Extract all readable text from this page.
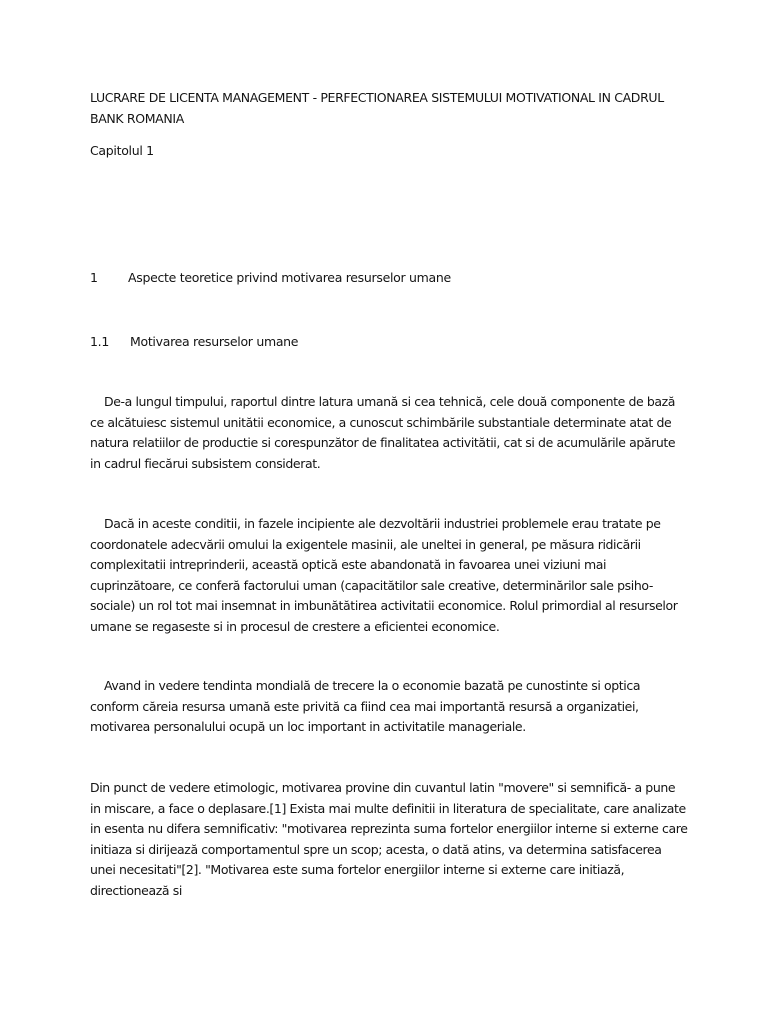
LUCRARE DE LICENTA MANAGEMENT - PERFECTIONAREA SISTEMULUI MOTIVATIONAL IN CADRUL BANK ROMANIA
Capitolul 1
1 Aspecte teoretice privind motivarea resurselor umane
1.1 Motivarea resurselor umane

De-a lungul timpului, raportul dintre latura umană si cea tehnică, cele două componente de bază ce alcătuiesc sistemul unitătii economice, a cunoscut schimbările substantiale determinate atat de natura relatiilor de productie si corespunzător de finalitatea activitătii, cat si de acumulările apărute in cadrul fiecărui subsistem considerat.

Dacă in aceste conditii, in fazele incipiente ale dezvoltării industriei problemele erau tratate pe coordonatele adecvării omului la exigentele masinii, ale uneltei in general, pe măsura ridicării complexitatii intreprinderii, această optică este abandonată in favoarea unei viziuni mai cuprinzătoare, ce conferă factorului uman (capacitătilor sale creative, determinărilor sale psiho-sociale) un rol tot mai insemnat in imbunătătirea activitatii economice. Rolul primordial al resurselor umane se regaseste si in procesul de crestere a eficientei economice.

Avand in vedere tendinta mondială de trecere la o economie bazată pe cunostinte si optica conform căreia resursa umană este privită ca fiind cea mai importantă resursă a organizatiei, motivarea personalului ocupă un loc important in activitatile manageriale.

Din punct de vedere etimologic, motivarea provine din cuvantul latin "movere" si semnifică- a pune in miscare, a face o deplasare.[1] Exista mai multe definitii in literatura de specialitate, care analizate in esenta nu difera semnificativ: "motivarea reprezinta suma fortelor energiilor interne si externe care initiaza si dirijează comportamentul spre un scop; acesta, o dată atins, va determina satisfacerea unei necesitati"[2]. "Motivarea este suma fortelor energiilor interne si externe care initiază, directionează si
